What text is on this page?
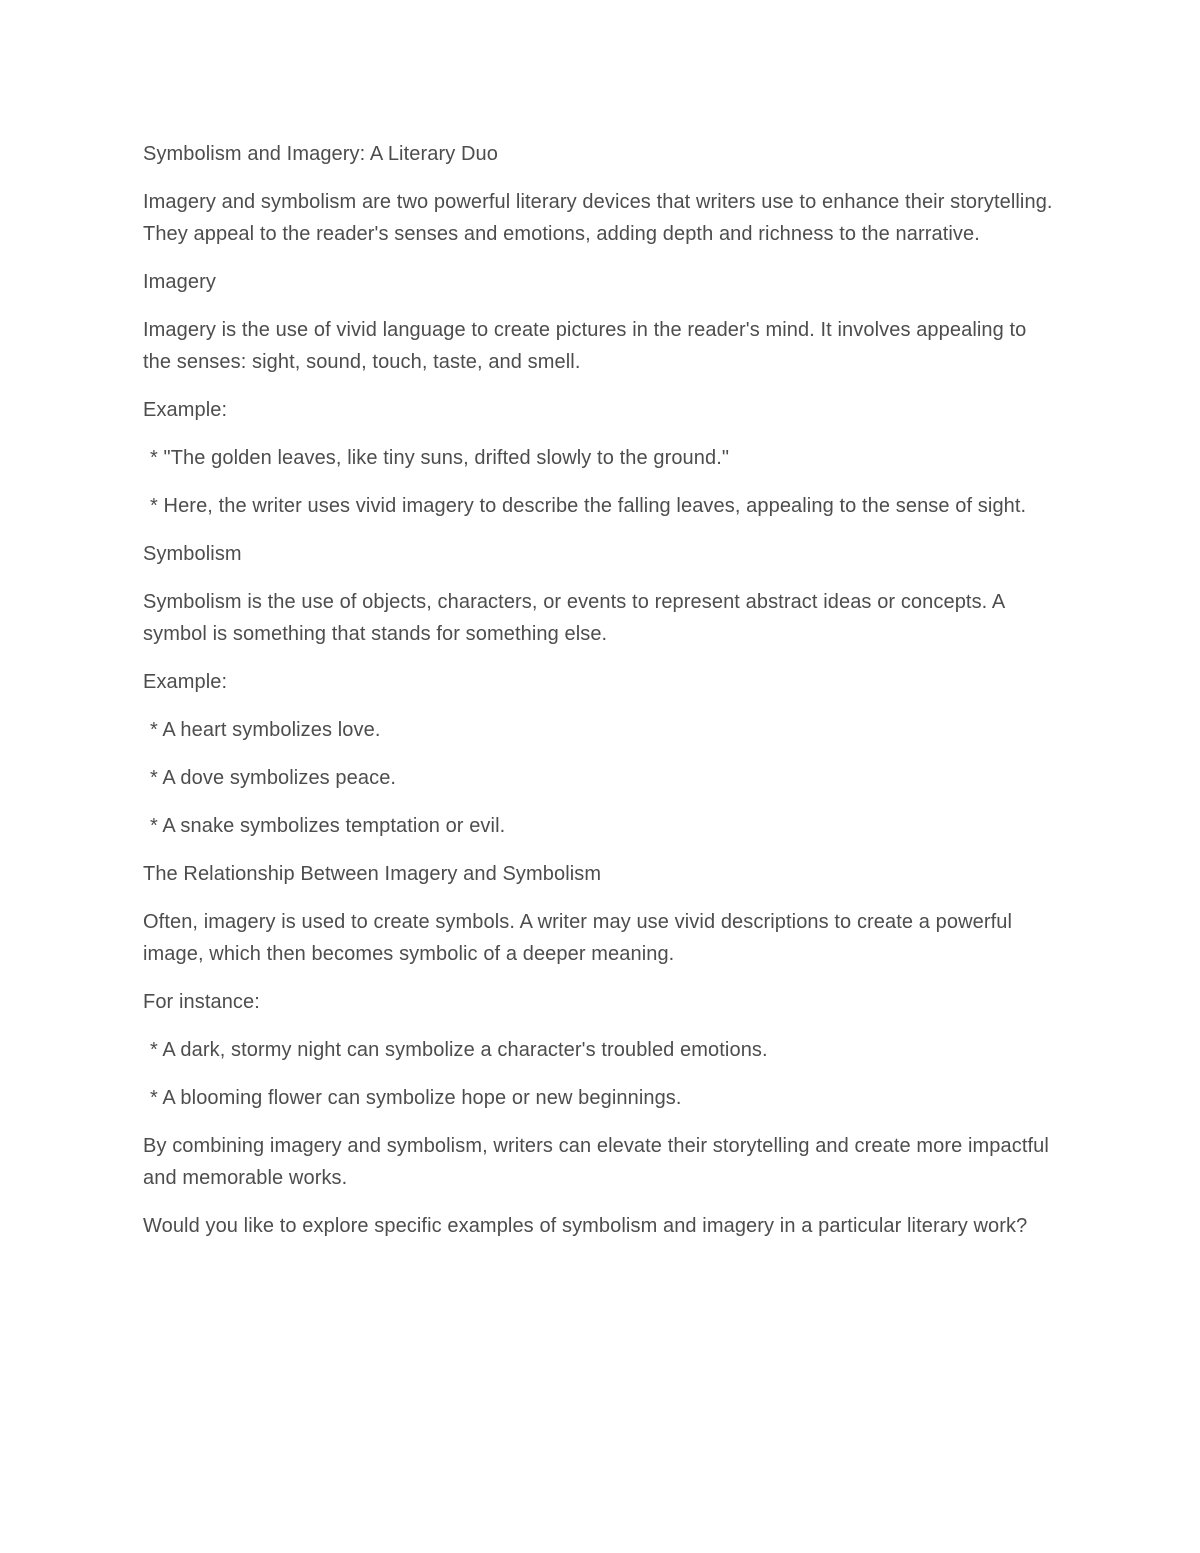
Symbolism and Imagery: A Literary Duo
Imagery and symbolism are two powerful literary devices that writers use to enhance their storytelling. They appeal to the reader's senses and emotions, adding depth and richness to the narrative.
Imagery
Imagery is the use of vivid language to create pictures in the reader's mind. It involves appealing to the senses: sight, sound, touch, taste, and smell.
Example:
* "The golden leaves, like tiny suns, drifted slowly to the ground."
* Here, the writer uses vivid imagery to describe the falling leaves, appealing to the sense of sight.
Symbolism
Symbolism is the use of objects, characters, or events to represent abstract ideas or concepts. A symbol is something that stands for something else.
Example:
* A heart symbolizes love.
* A dove symbolizes peace.
* A snake symbolizes temptation or evil.
The Relationship Between Imagery and Symbolism
Often, imagery is used to create symbols. A writer may use vivid descriptions to create a powerful image, which then becomes symbolic of a deeper meaning.
For instance:
* A dark, stormy night can symbolize a character's troubled emotions.
* A blooming flower can symbolize hope or new beginnings.
By combining imagery and symbolism, writers can elevate their storytelling and create more impactful and memorable works.
Would you like to explore specific examples of symbolism and imagery in a particular literary work?
